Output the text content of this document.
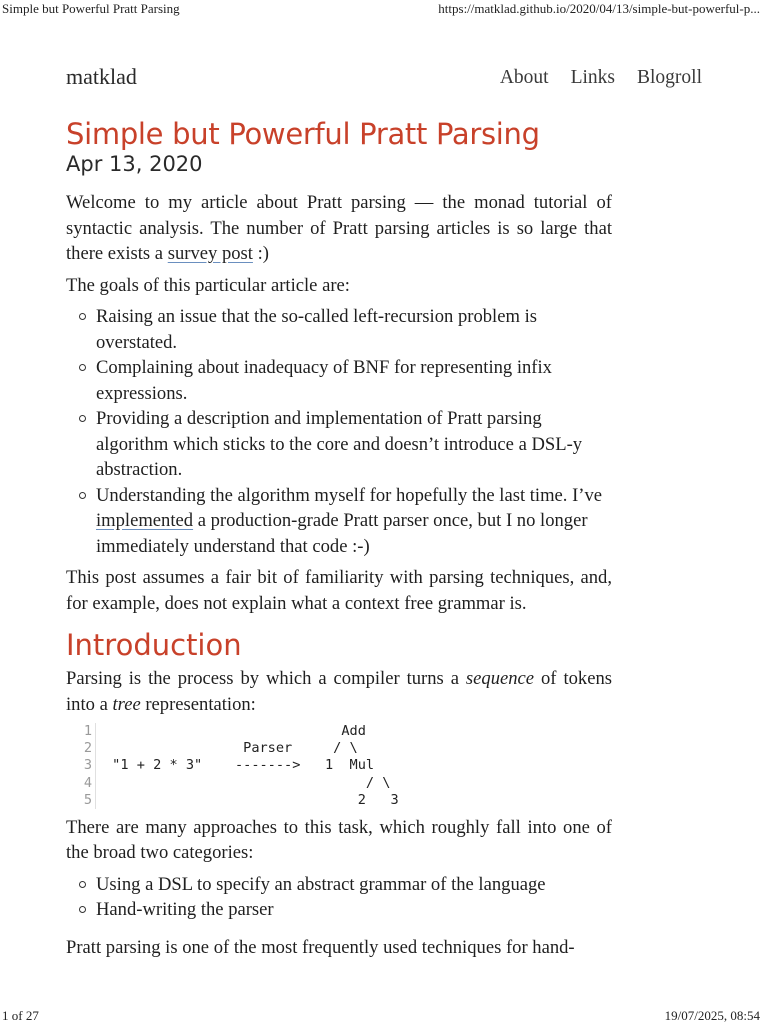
Simple but Powerful Pratt Parsing	https://matklad.github.io/2020/04/13/simple-but-powerful-p...
matklad	About Links Blogroll
Simple but Powerful Pratt Parsing
Apr 13, 2020

Welcome to my article about Pratt parsing — the monad tutorial of syntactic analysis. The number of Pratt parsing articles is so large that there exists a survey post :)

The goals of this particular article are:

Raising an issue that the so-called left-recursion problem is overstated.
Complaining about inadequacy of BNF for representing infix expressions.
Providing a description and implementation of Pratt parsing algorithm which sticks to the core and doesn’t introduce a DSL-y abstraction.
Understanding the algorithm myself for hopefully the last time. I’ve implemented a production-grade Pratt parser once, but I no longer immediately understand that code :-)

This post assumes a fair bit of familiarity with parsing techniques, and, for example, does not explain what a context free grammar is.

Introduction

Parsing is the process by which a compiler turns a sequence of tokens into a tree representation:

1                             Add
2                 Parser     / \
3 "1 + 2 * 3"    ------->   1  Mul
4                                / \
5                               2   3

There are many approaches to this task, which roughly fall into one of the broad two categories:

Using a DSL to specify an abstract grammar of the language
Hand-writing the parser

Pratt parsing is one of the most frequently used techniques for hand-

1 of 27	19/07/2025, 08:54
